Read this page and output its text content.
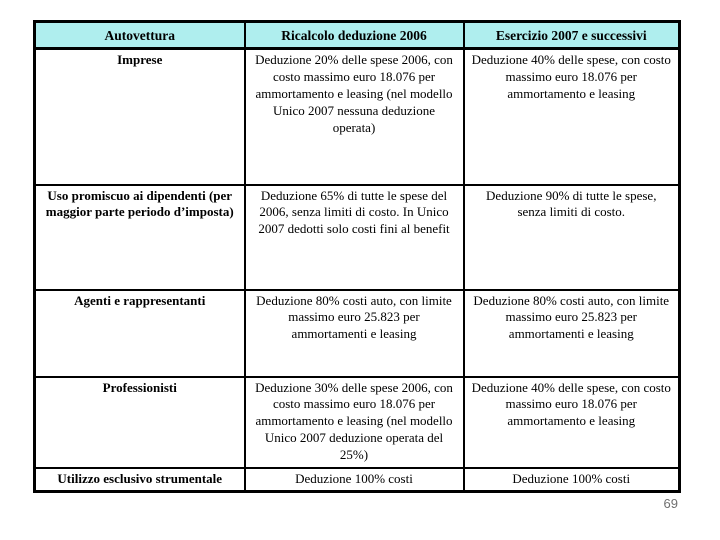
Autovettura	Ricalcolo deduzione 2006	Esercizio 2007 e successivi
Imprese	Deduzione 20% delle spese 2006, con costo massimo euro 18.076 per ammortamento e leasing (nel modello Unico 2007 nessuna deduzione operata)	Deduzione 40% delle spese, con costo massimo euro 18.076 per ammortamento e leasing
Uso promiscuo ai dipendenti (per maggior parte periodo d’imposta)	Deduzione 65% di tutte le spese del 2006, senza limiti di costo. In Unico 2007 dedotti solo costi fini al benefit	Deduzione 90% di tutte le spese, senza limiti di costo.
Agenti e rappresentanti	Deduzione 80% costi auto, con limite massimo euro 25.823 per ammortamenti e leasing	Deduzione 80% costi auto, con limite massimo euro 25.823 per ammortamenti e leasing
Professionisti	Deduzione 30% delle spese 2006, con costo massimo euro 18.076 per ammortamento e leasing (nel modello Unico 2007 deduzione operata del 25%)	Deduzione 40% delle spese, con costo massimo euro 18.076 per ammortamento e leasing
Utilizzo esclusivo strumentale	Deduzione 100% costi	Deduzione 100% costi
69
